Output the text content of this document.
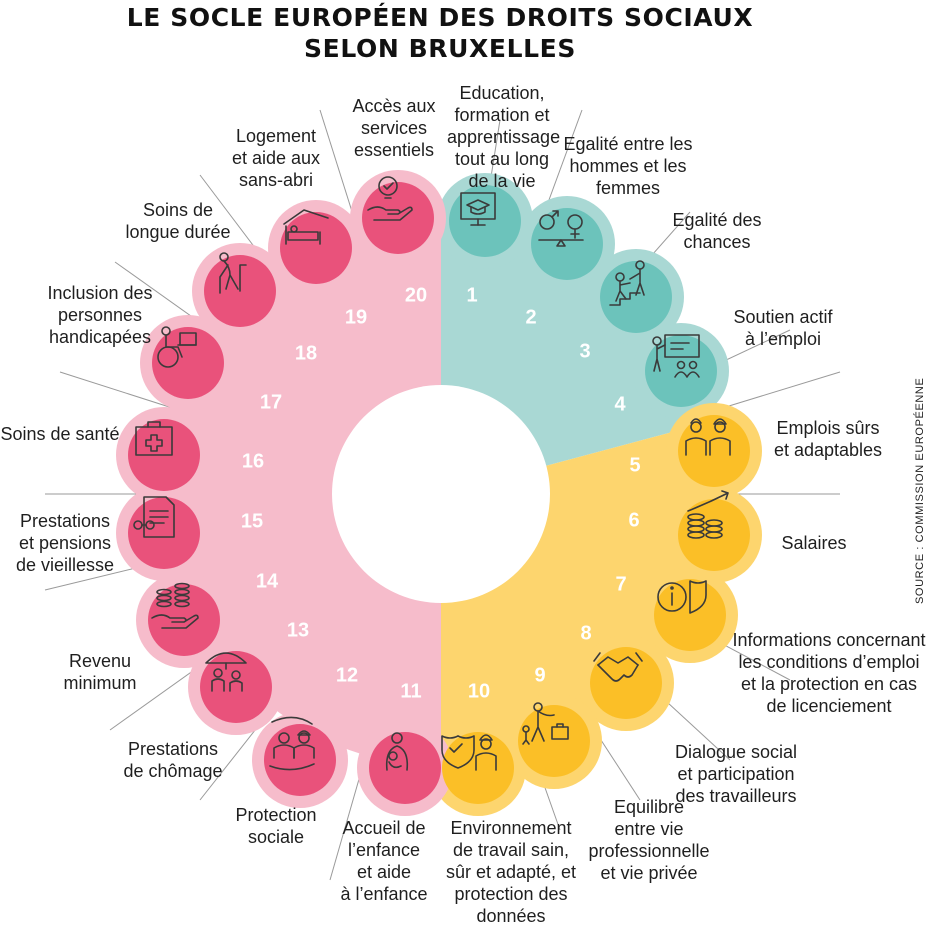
LE SOCLE EUROPÉEN DES DROITS SOCIAUX
SELON BRUXELLES
1
2
3
4
5
6
7
8
9
10
11
12
13
14
15
16
17
18
19
20
Education,
formation et
apprentissage
tout au long
de la vie
Egalité entre les
hommes et les
femmes
Egalité des
chances
Soutien actif
à l’emploi
Emplois sûrs
et adaptables
Salaires
Informations concernant
les conditions d’emploi
et la protection en cas
de licenciement
Dialogue social
et participation
des travailleurs
Equilibre
entre vie
professionnelle
et vie privée
Environnement
de travail sain,
sûr et adapté, et
protection des
données
Accueil de
l’enfance
et aide
à l’enfance
Protection
sociale
Prestations
de chômage
Revenu
minimum
Prestations
et pensions
de vieillesse
Soins de santé
Inclusion des
personnes
handicapées
Soins de
longue durée
Logement
et aide aux
sans-abri
Accès aux
services
essentiels
SOURCE : COMMISSION EUROPÉENNE
